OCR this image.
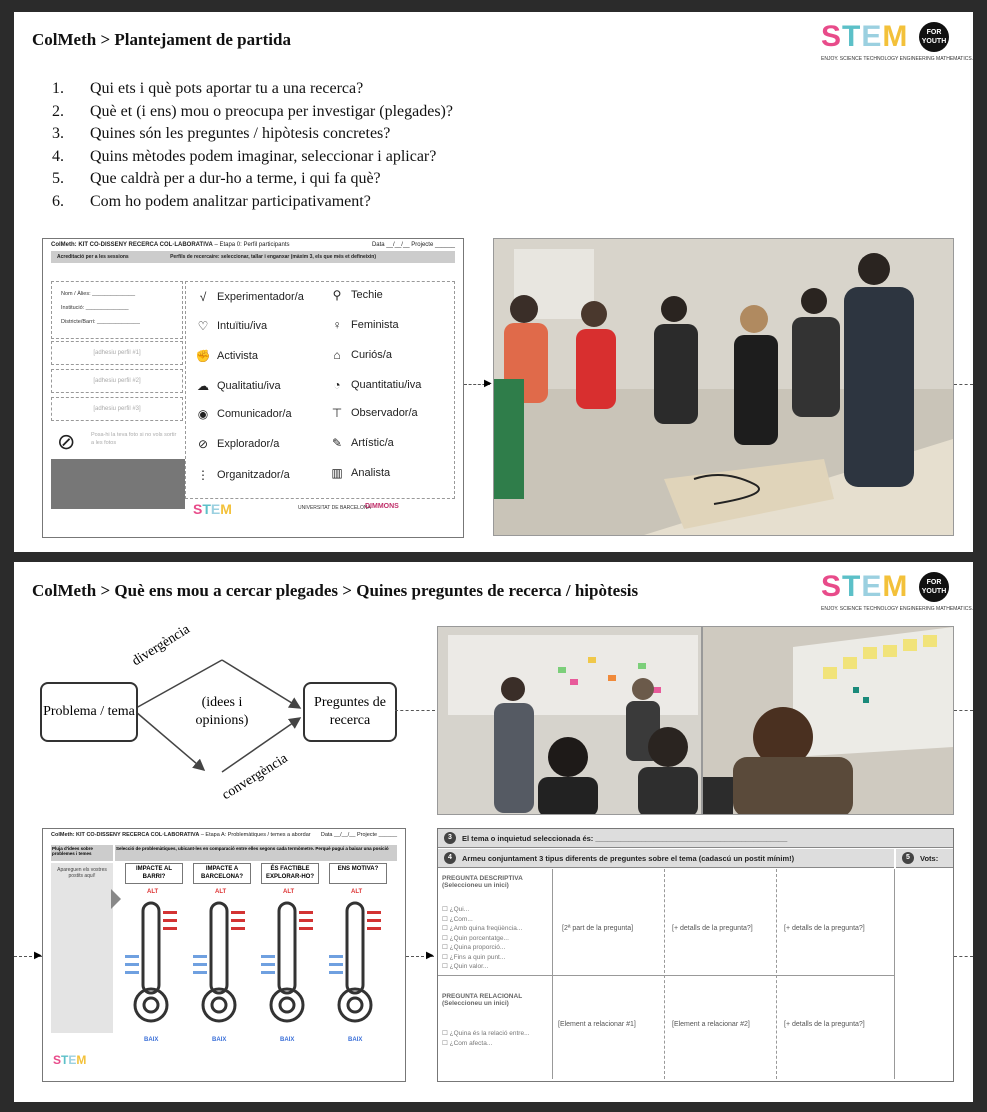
ColMeth > Plantejament de partida	STEM	FOR YOUTH
ENJOY. SCIENCE TECHNOLOGY ENGINEERING MATHEMATICS.
1. Qui ets i què pots aportar tu a una recerca?
2. Què et (i ens) mou o preocupa per investigar (plegades)?
3. Quines són les preguntes / hipòtesis concretes?
4. Quins mètodes podem imaginar, seleccionar i aplicar?
5. Que caldrà per a dur-ho a terme, i qui fa què?
6. Com ho podem analitzar participativament?
ColMeth: KIT CO-DISSENY RECERCA COL·LABORATIVA – Etapa 0: Perfil participants	Data __/__/__ Projecte ______
Acreditació per a les sessions	Perfils de recercaire: seleccionar, tallar i enganxar (màxim 3, els que més et defineixin)
Nom / Àlies: ______________
Institució: ______________
Districte/Barri: ______________
[adhesiu perfil #1]
[adhesiu perfil #2]
[adhesiu perfil #3]
⊘	Posa-hi la teva foto si no vols sortir a les fotos
√ Experimentador/a
♡ Intuïtiu/iva
✊ Activista
☁ Qualitatiu/iva
◉ Comunicador/a
⊘ Explorador/a
⋮ Organitzador/a
⚲ Techie
♀ Feminista
⌂ Curiós/a
◔ Quantitatiu/iva
⊤ Observador/a
✎ Artístic/a
▥ Analista
STEM	UNIVERSITAT DE BARCELONA
DIMMONS
▶
ColMeth > Què ens mou a cercar plegades > Quines preguntes de recerca / hipòtesis	STEM	FOR YOUTH
ENJOY. SCIENCE TECHNOLOGY ENGINEERING MATHEMATICS.
Problema / tema
(idees i opinions)
Preguntes de recerca
divergència
convergència
ColMeth: KIT CO-DISSENY RECERCA COL·LABORATIVA – Etapa A: Problemàtiques / temes a abordar Data __/__/__ Projecte ______
Pluja d'idees sobre problemes i temes
Selecció de problemàtiques, ubicant-les en comparació entre elles segons cada termòmetre. Perquè pugui a baixar una posició
Apareguen els vostres postits aquí!
IMPACTE AL BARRI?
IMPACTE A BARCELONA?
ÉS FACTIBLE EXPLORAR-HO?
ENS MOTIVA?
ALT	ALT	ALT	ALT
BAIX	BAIX	BAIX	BAIX
STEM
▶	▶
3	El tema o inquietud seleccionada és: ______________________________________________
4	Armeu conjuntament 3 tipus diferents de preguntes sobre el tema (cadascú un postit mínim!)	5	Vots:
PREGUNTA DESCRIPTIVA
(Seleccioneu un inici)
☐ ¿Qui...
☐ ¿Com...
☐ ¿Amb quina freqüència...
☐ ¿Quin porcentatge...
☐ ¿Quina proporció...
☐ ¿Fins a quin punt...
☐ ¿Quin valor...
[2ª part de la pregunta]	[+ detalls de la pregunta?]	[+ detalls de la pregunta?]
PREGUNTA RELACIONAL
(Seleccioneu un inici)
☐ ¿Quina és la relació entre...
☐ ¿Com afecta...
[Element a relacionar #1]	[Element a relacionar #2]	[+ detalls de la pregunta?]
